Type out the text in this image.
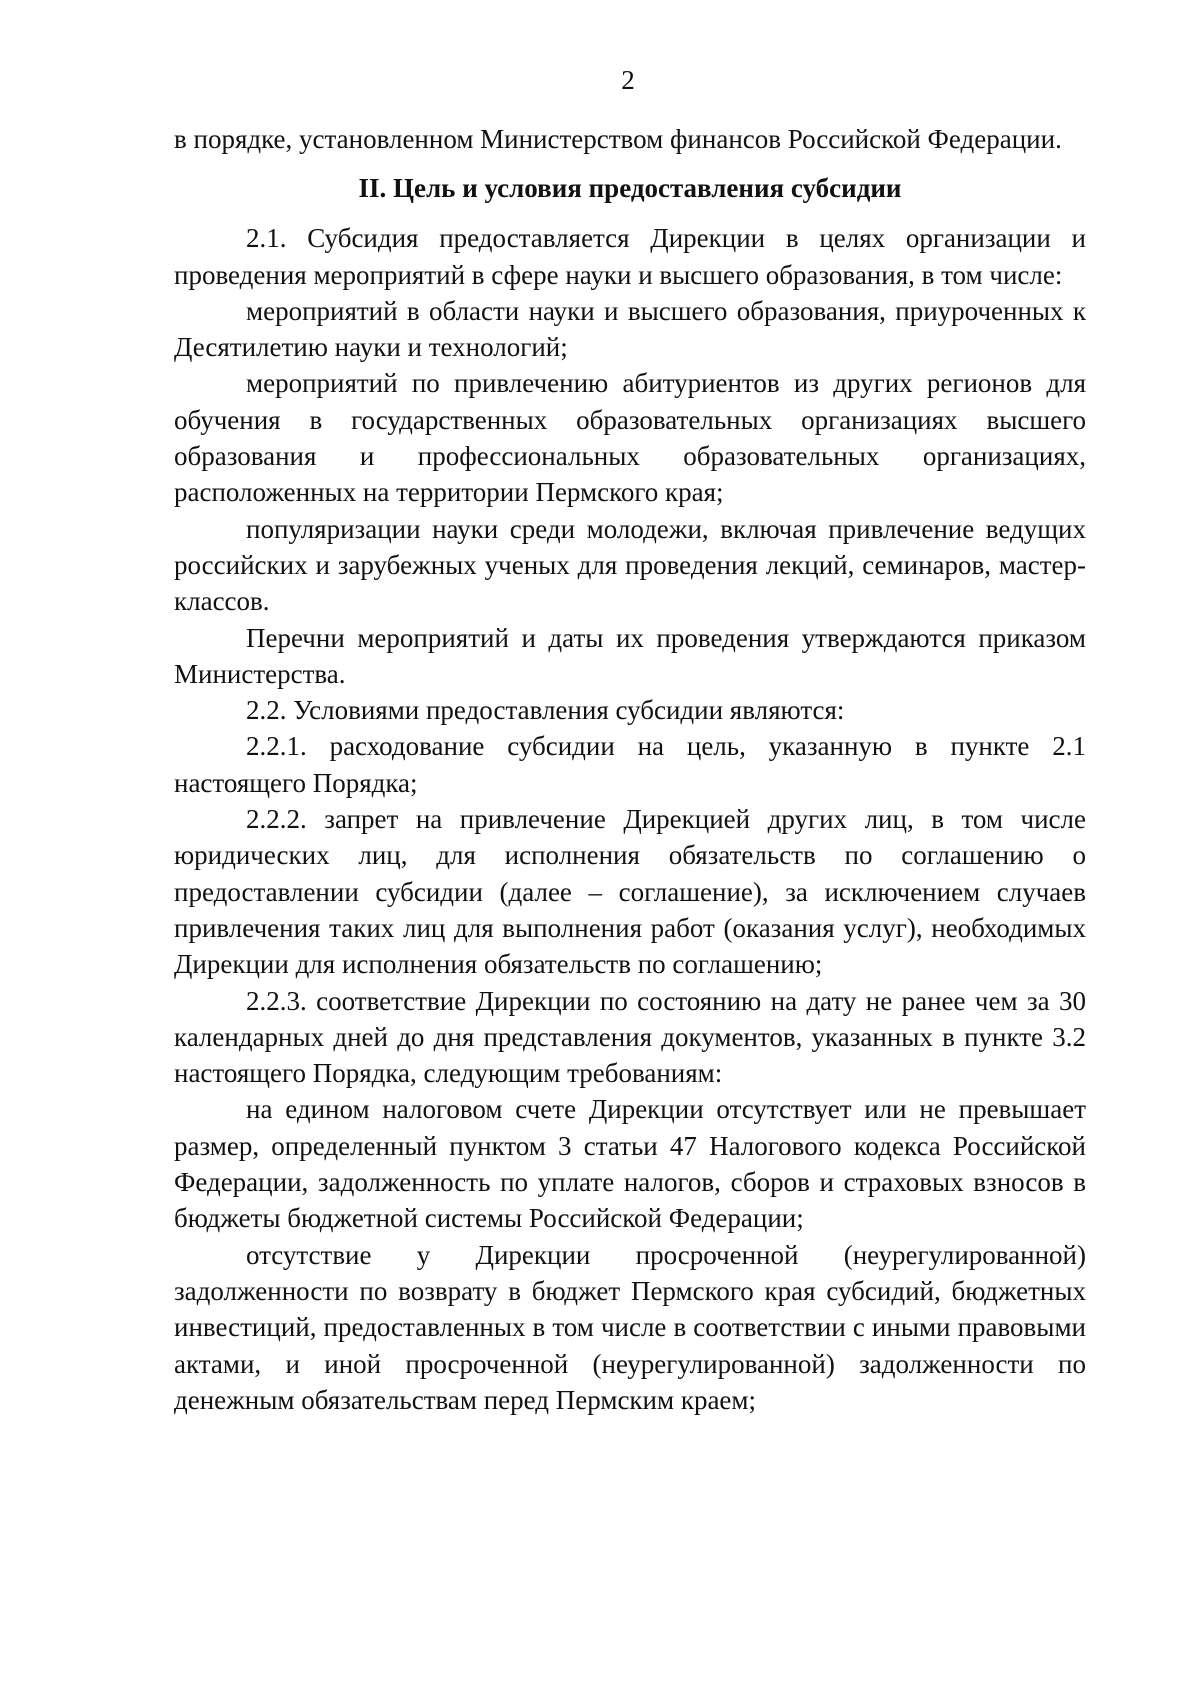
2

в порядке, установленном Министерством финансов Российской Федерации.

II. Цель и условия предоставления субсидии

2.1. Субсидия предоставляется Дирекции в целях организации и проведения мероприятий в сфере науки и высшего образования, в том числе:

мероприятий в области науки и высшего образования, приуроченных к Десятилетию науки и технологий;

мероприятий по привлечению абитуриентов из других регионов для обучения в государственных образовательных организациях высшего образования и профессиональных образовательных организациях, расположенных на территории Пермского края;

популяризации науки среди молодежи, включая привлечение ведущих российских и зарубежных ученых для проведения лекций, семинаров, мастер-классов.

Перечни мероприятий и даты их проведения утверждаются приказом Министерства.

2.2. Условиями предоставления субсидии являются:

2.2.1. расходование субсидии на цель, указанную в пункте 2.1 настоящего Порядка;

2.2.2. запрет на привлечение Дирекцией других лиц, в том числе юридических лиц, для исполнения обязательств по соглашению о предоставлении субсидии (далее – соглашение), за исключением случаев привлечения таких лиц для выполнения работ (оказания услуг), необходимых Дирекции для исполнения обязательств по соглашению;

2.2.3. соответствие Дирекции по состоянию на дату не ранее чем за 30 календарных дней до дня представления документов, указанных в пункте 3.2 настоящего Порядка, следующим требованиям:

на едином налоговом счете Дирекции отсутствует или не превышает размер, определенный пунктом 3 статьи 47 Налогового кодекса Российской Федерации, задолженность по уплате налогов, сборов и страховых взносов в бюджеты бюджетной системы Российской Федерации;

отсутствие у Дирекции просроченной (неурегулированной) задолженности по возврату в бюджет Пермского края субсидий, бюджетных инвестиций, предоставленных в том числе в соответствии с иными правовыми актами, и иной просроченной (неурегулированной) задолженности по денежным обязательствам перед Пермским краем;
